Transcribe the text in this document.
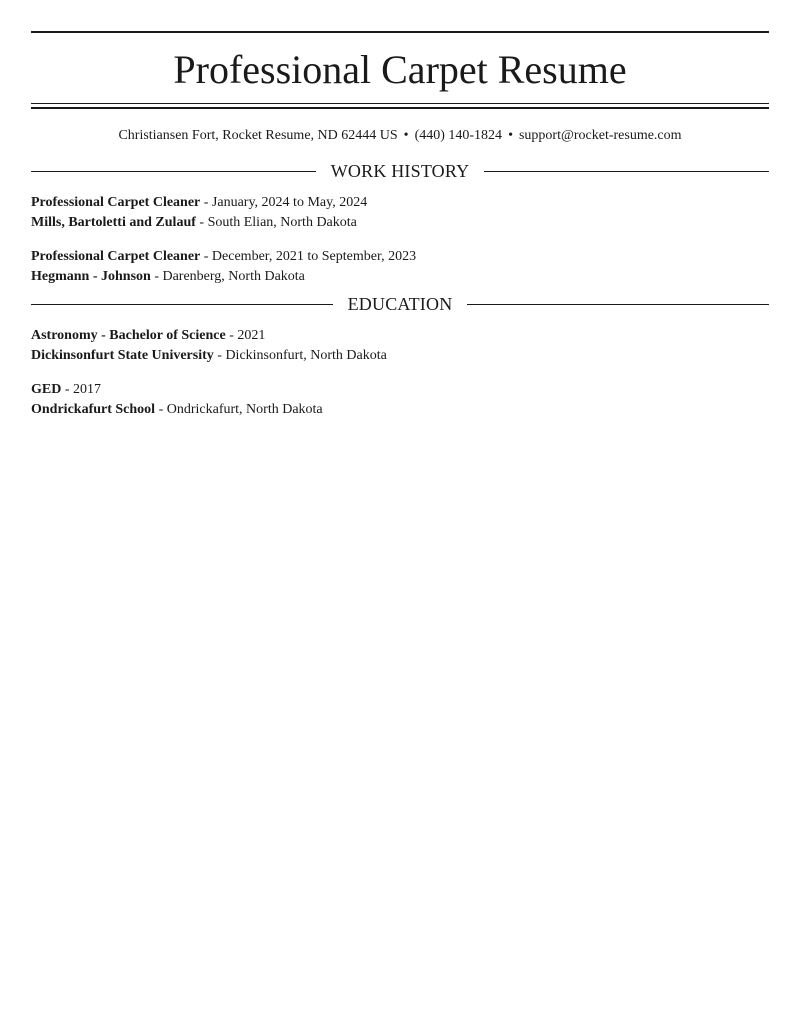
Professional Carpet Resume
Christiansen Fort, Rocket Resume, ND 62444 US • (440) 140-1824 • support@rocket-resume.com
WORK HISTORY
Professional Carpet Cleaner - January, 2024 to May, 2024
Mills, Bartoletti and Zulauf - South Elian, North Dakota
Professional Carpet Cleaner - December, 2021 to September, 2023
Hegmann - Johnson - Darenberg, North Dakota
EDUCATION
Astronomy - Bachelor of Science - 2021
Dickinsonfurt State University - Dickinsonfurt, North Dakota
GED - 2017
Ondrickafurt School - Ondrickafurt, North Dakota
